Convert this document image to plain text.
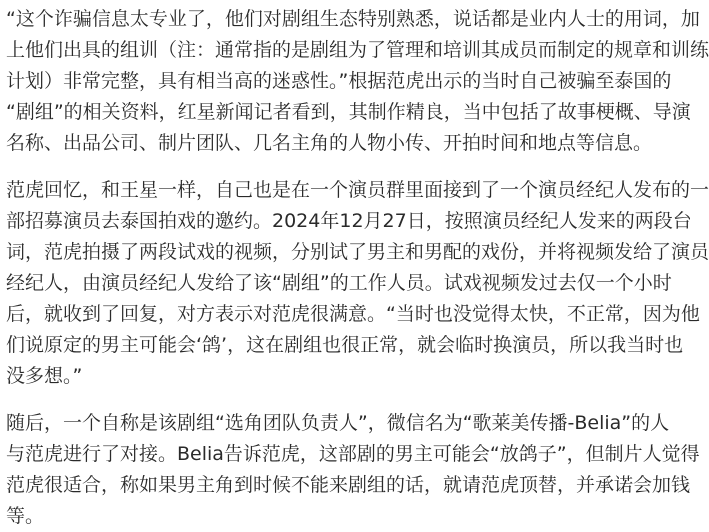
“这个诈骗信息太专业了，他们对剧组生态特别熟悉，说话都是业内人士的用词，加
上他们出具的组训（注：通常指的是剧组为了管理和培训其成员而制定的规章和训练
计划）非常完整，具有相当高的迷惑性。”根据范虎出示的当时自己被骗至泰国的
“剧组”的相关资料，红星新闻记者看到，其制作精良，当中包括了故事梗概、导演
名称、出品公司、制片团队、几名主角的人物小传、开拍时间和地点等信息。
范虎回忆，和王星一样，自己也是在一个演员群里面接到了一个演员经纪人发布的一
部招募演员去泰国拍戏的邀约。2024年12月27日，按照演员经纪人发来的两段台
词，范虎拍摄了两段试戏的视频，分别试了男主和男配的戏份，并将视频发给了演员
经纪人，由演员经纪人发给了该“剧组”的工作人员。试戏视频发过去仅一个小时
后，就收到了回复，对方表示对范虎很满意。“当时也没觉得太快，不正常，因为他
们说原定的男主可能会‘鸽’，这在剧组也很正常，就会临时换演员，所以我当时也
没多想。”
随后，一个自称是该剧组“选角团队负责人”，微信名为“歌莱美传播-Belia”的人
与范虎进行了对接。Belia告诉范虎，这部剧的男主可能会“放鸽子”，但制片人觉得
范虎很适合，称如果男主角到时候不能来剧组的话，就请范虎顶替，并承诺会加钱
等。
